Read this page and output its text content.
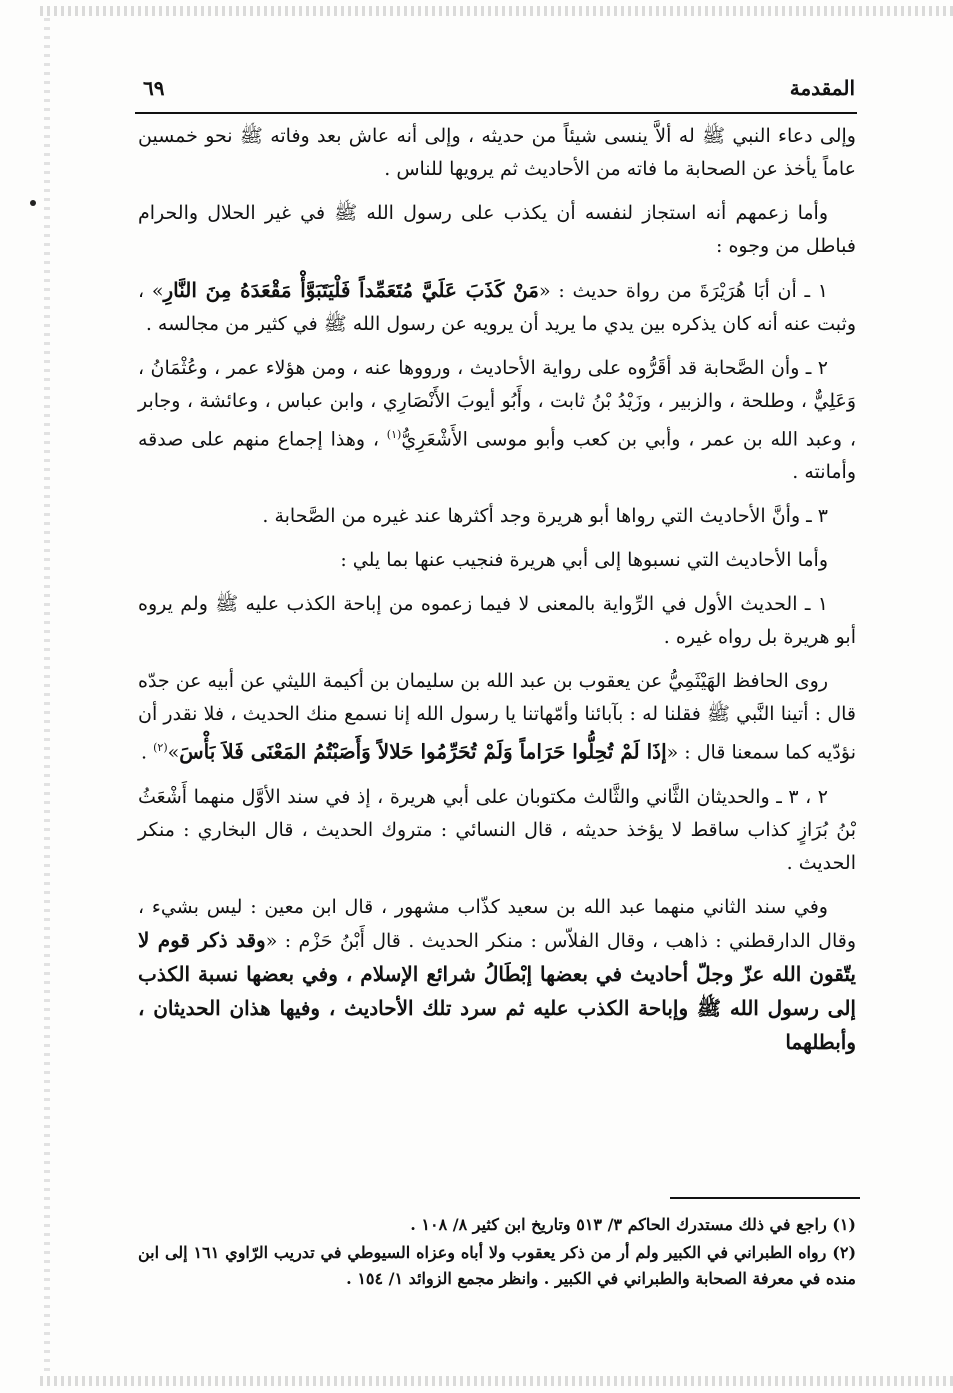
المقدمة
٦٩

وإلى دعاء النبي ﷺ له ألاَّ ينسى شيئاً من حديثه ، وإلى أنه عاش بعد وفاته ﷺ نحو خمسين عاماً يأخذ عن الصحابة ما فاته من الأحاديث ثم يرويها للناس .

وأما زعمهم أنه استجاز لنفسه أن يكذب على رسول الله ﷺ في غير الحلال والحرام فباطل من وجوه :

١ ـ أن أبَا هُرَيْرَةَ من رواة حديث : «مَنْ كَذَبَ عَلَيَّ مُتَعَمِّداً فَلْيَتَبَوَّأْ مَقْعَدَهُ مِنَ النَّارِ» ، وثبت عنه أنه كان يذكره بين يدي ما يريد أن يرويه عن رسول الله ﷺ في كثير من مجالسه .

٢ ـ وأن الصَّحابة قد أقَرُّوه على رواية الأحاديث ، ورووها عنه ، ومن هؤلاء عمر ، وعُثْمَانُ ، وَعَلِيٌّ ، وطلحة ، والزبير ، وزَيْدُ بْنُ ثابت ، وأَبُو أيوبَ الأَنْصَارِي ، وابن عباس ، وعائشة ، وجابر ، وعبد الله بن عمر ، وأبي بن كعب وأبو موسى الأَشْعَرِيُّ$^{(١)}$ ، وهذا إجماع منهم على صدقه وأمانته .

٣ ـ وأنَّ الأحاديث التي رواها أبو هريرة وجد أكثرها عند غيره من الصَّحابة .

وأما الأحاديث التي نسبوها إلى أبي هريرة فنجيب عنها بما يلي :

١ ـ الحديث الأول في الرِّواية بالمعنى لا فيما زعموه من إباحة الكذب عليه ﷺ ولم يروه أبو هريرة بل رواه غيره .

روى الحافظ الهَيْثَمِيُّ عن يعقوب بن عبد الله بن سليمان بن أكيمة الليثي عن أبيه عن جدّه قال : أتينا النَّبي ﷺ فقلنا له : بآبائنا وأمّهاتنا يا رسول الله إنا نسمع منك الحديث ، فلا نقدر أن نؤدّيه كما سمعنا قال : «إذَا لَمْ تُحِلُّوا حَرَاماً وَلَمْ تُحَرِّمُوا حَلالاً وَأَصَبْتُمُ المَعْنَى فَلاَ بَأْسَ»$^{(٢)}$ .

٢ ، ٣ ـ والحديثان الثَّاني والثَّالث مكتوبان على أبي هريرة ، إذ في سند الأوَّل منهما أَشْعَثُ بْنُ بُرَازٍ كذاب ساقط لا يؤخذ حديثه ، قال النسائي : متروك الحديث ، قال البخاري : منكر الحديث .

وفي سند الثاني منهما عبد الله بن سعيد كذّاب مشهور ، قال ابن معين : ليس بشيء ، وقال الدارقطني : ذاهب ، وقال الفلاّس : منكر الحديث . قال أَبْنُ حَزْم : «وقد ذكر قوم لا يتّقون الله عزّ وجلّ أحاديث في بعضها إبْطَالُ شرائع الإسلام ، وفي بعضها نسبة الكذب إلى رسول الله ﷺ وإباحة الكذب عليه ثم سرد تلك الأحاديث ، وفيها هذان الحديثان ، وأبطلهما

(١) راجع في ذلك مستدرك الحاكم ٣/ ٥١٣ وتاريخ ابن كثير ٨/ ١٠٨ .

(٢) رواه الطبراني في الكبير ولم أر من ذكر يعقوب ولا أباه وعزاه السيوطي في تدريب الرّاوي ١٦١ إلى ابن منده في معرفة الصحابة والطبراني في الكبير . وانظر مجمع الزوائد ١/ ١٥٤ .
